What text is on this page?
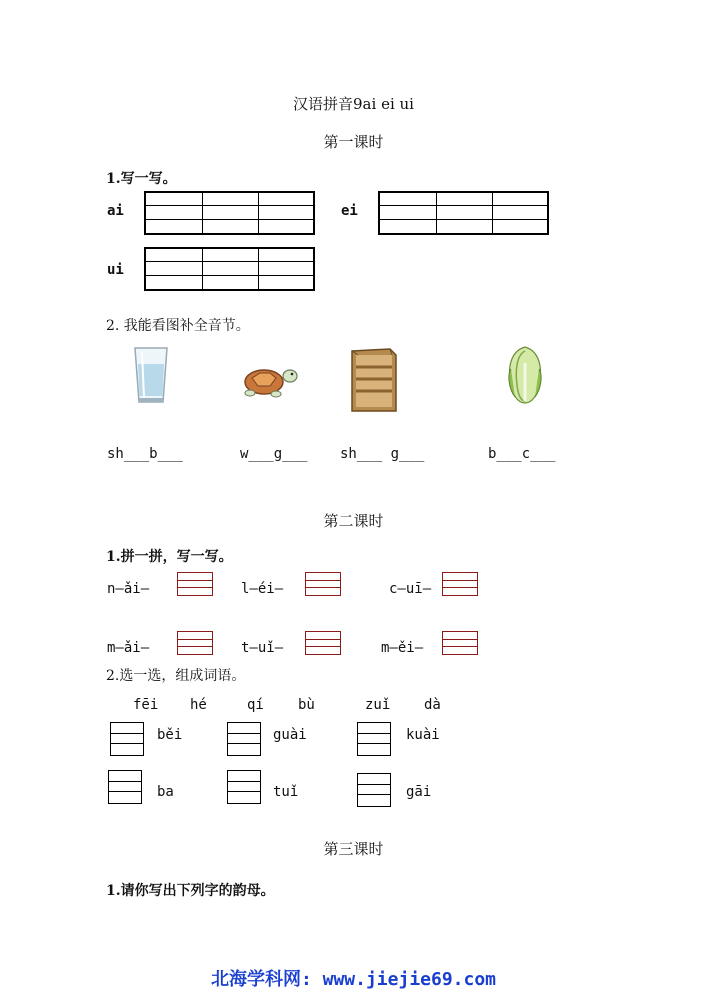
汉语拼音9ai ei ui
第一课时
1.写一写。
ai	ei
ui
2. 我能看图补全音节。
sh___b___	w___g___ sh___ g___	b___c___
第二课时
1.拼一拼，写一写。
n—ǎi—	l—éi—	c—uī—
m—ǎi—	t—uǐ—	m—ěi—
2.选一选，组成词语。
fēi hé	qí bù	zuǐ dà
běi	guài	kuài
ba	tuǐ	gāi
第三课时
1.请你写出下列字的韵母。
北海学科网: www.jiejie69.com
